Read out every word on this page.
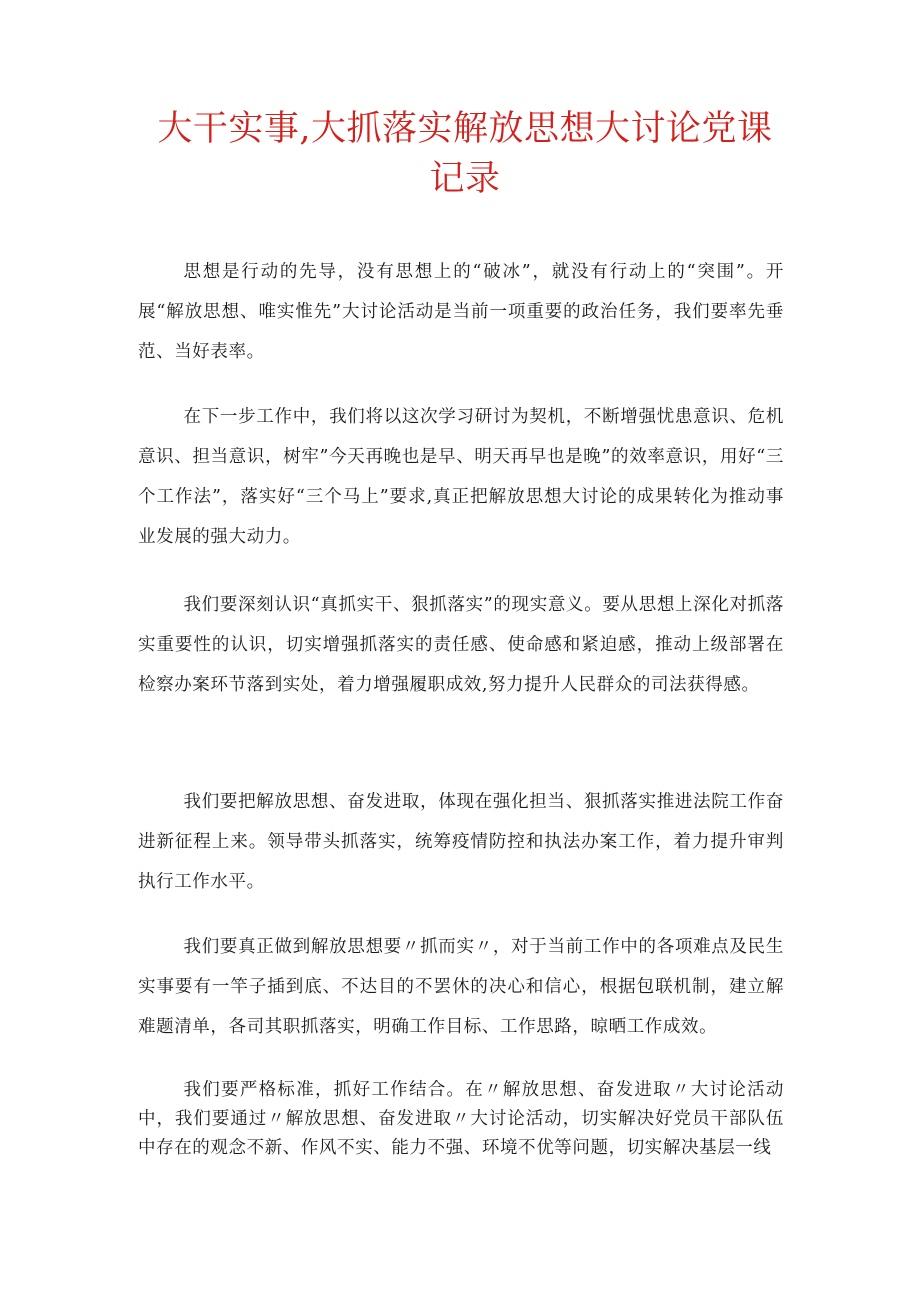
大干实事,大抓落实解放思想大讨论党课
记录

思想是行动的先导，没有思想上的“破冰”，就没有行动上的“突围”。开展“解放思想、唯实惟先”大讨论活动是当前一项重要的政治任务，我们要率先垂范、当好表率。

在下一步工作中，我们将以这次学习研讨为契机，不断增强忧患意识、危机意识、担当意识，树牢”今天再晚也是早、明天再早也是晚”的效率意识，用好“三个工作法”，落实好“三个马上”要求,真正把解放思想大讨论的成果转化为推动事业发展的强大动力。

我们要深刻认识“真抓实干、狠抓落实”的现实意义。要从思想上深化对抓落实重要性的认识，切实增强抓落实的责任感、使命感和紧迫感，推动上级部署在检察办案环节落到实处，着力增强履职成效,努力提升人民群众的司法获得感。

我们要把解放思想、奋发进取，体现在强化担当、狠抓落实推进法院工作奋进新征程上来。领导带头抓落实，统筹疫情防控和执法办案工作，着力提升审判执行工作水平。

我们要真正做到解放思想要〃抓而实〃，对于当前工作中的各项难点及民生实事要有一竿子插到底、不达目的不罢休的决心和信心，根据包联机制，建立解难题清单，各司其职抓落实，明确工作目标、工作思路，晾晒工作成效。

我们要严格标准，抓好工作结合。在〃解放思想、奋发进取〃大讨论活动中，我们要通过〃解放思想、奋发进取〃大讨论活动，切实解决好党员干部队伍中存在的观念不新、作风不实、能力不强、环境不优等问题，切实解决基层一线
